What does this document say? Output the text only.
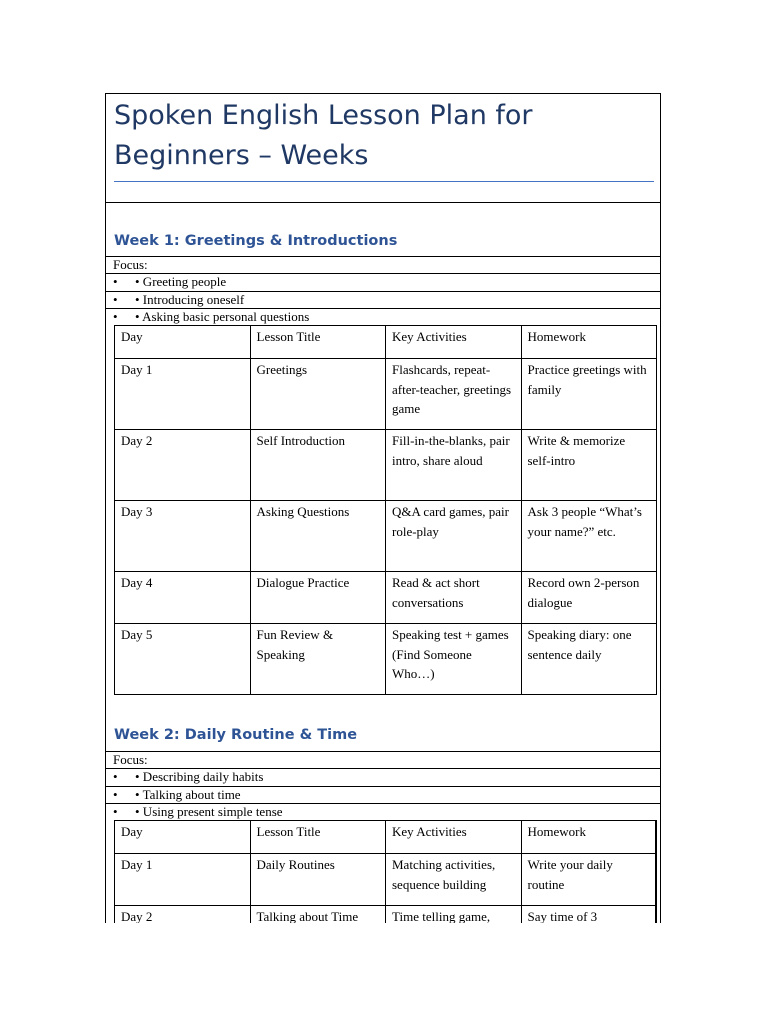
Spoken English Lesson Plan for Beginners – Weeks
Week 1: Greetings & Introductions
Focus:
• • Greeting people
• • Introducing oneself
• • Asking basic personal questions
Day	Lesson Title	Key Activities	Homework
Day 1	Greetings	Flashcards, repeat-after-teacher, greetings game	Practice greetings with family
Day 2	Self Introduction	Fill-in-the-blanks, pair intro, share aloud	Write & memorize self-intro
Day 3	Asking Questions	Q&A card games, pair role-play	Ask 3 people “What’s your name?” etc.
Day 4	Dialogue Practice	Read & act short conversations	Record own 2-person dialogue
Day 5	Fun Review & Speaking	Speaking test + games (Find Someone Who…)	Speaking diary: one sentence daily
Week 2: Daily Routine & Time
Focus:
• • Describing daily habits
• • Talking about time
• • Using present simple tense
Day	Lesson Title	Key Activities	Homework
Day 1	Daily Routines	Matching activities, sequence building	Write your daily routine
Day 2	Talking about Time	Time telling game,	Say time of 3
